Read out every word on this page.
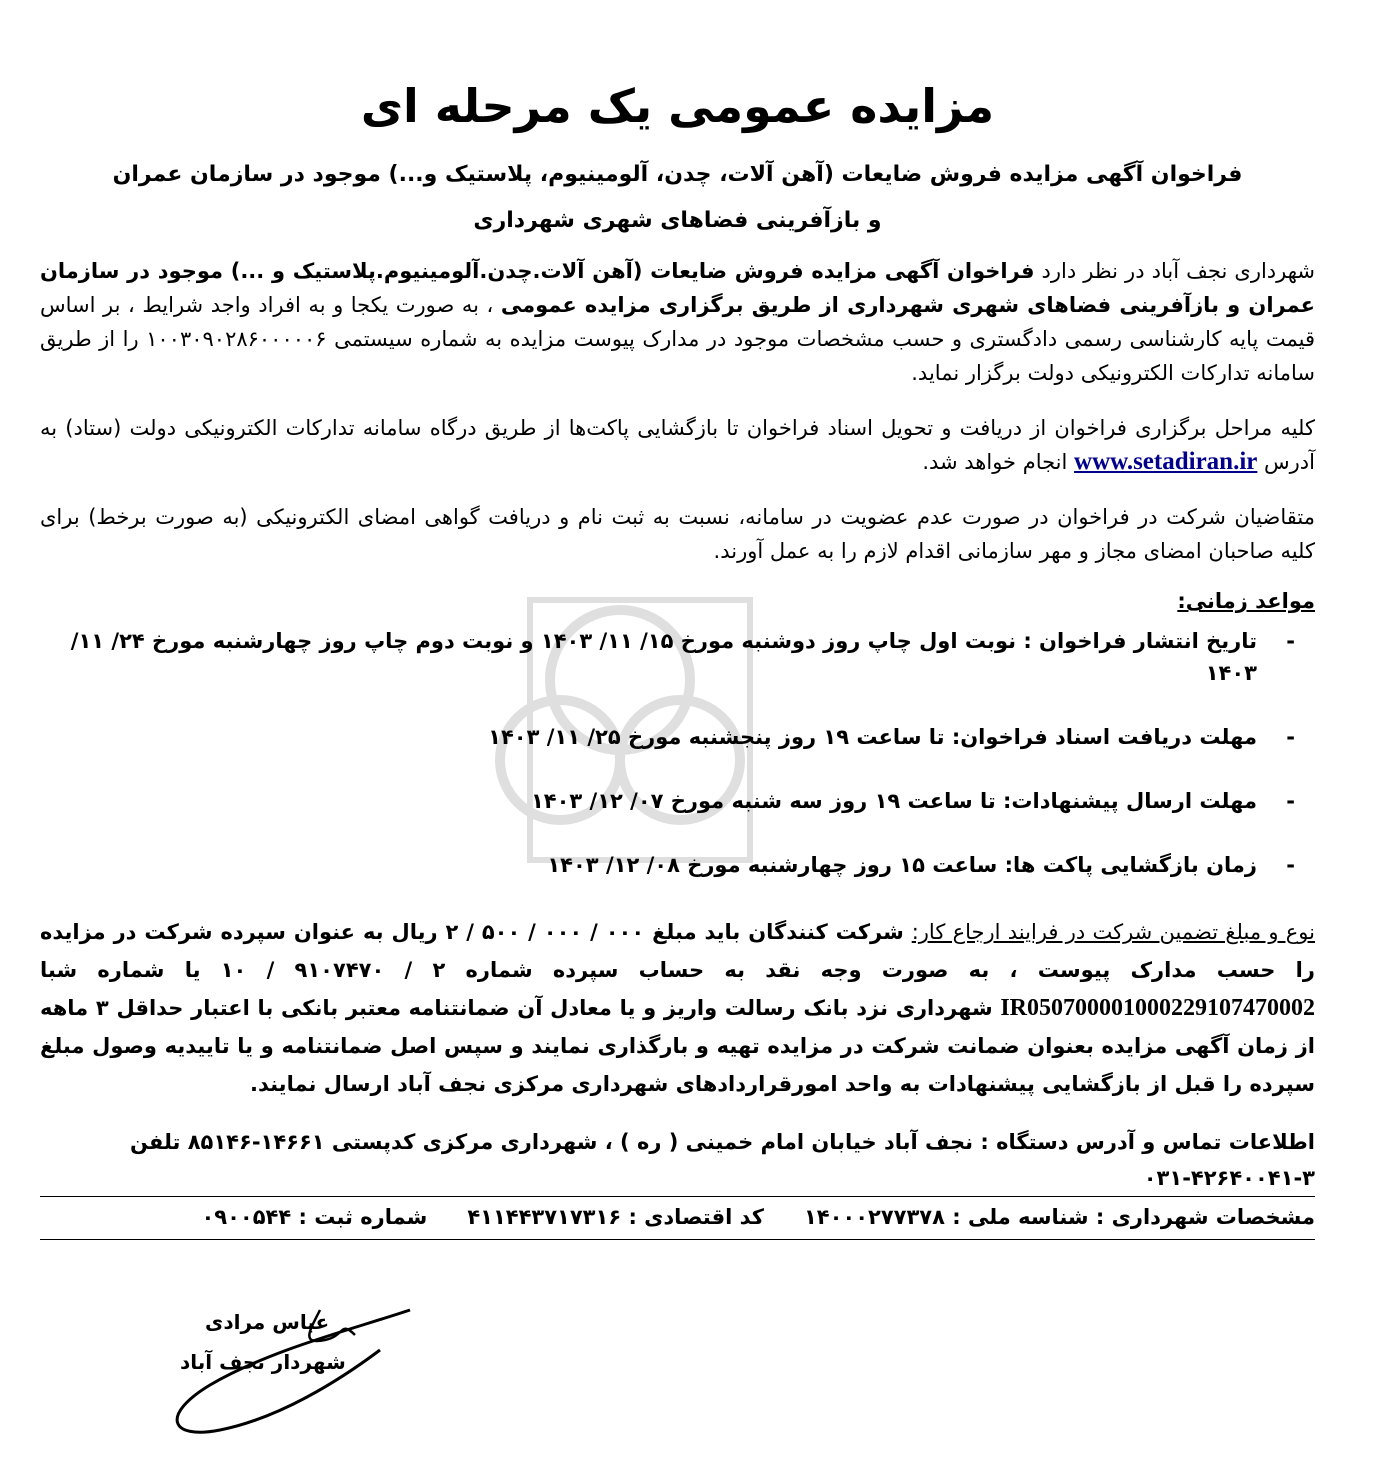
مزایده عمومی یک مرحله ای
فراخوان آگهی مزایده فروش ضایعات (آهن آلات، چدن، آلومینیوم، پلاستیک و...) موجود در سازمان عمران
و بازآفرینی فضاهای شهری شهرداری

شهرداری نجف آباد در نظر دارد فراخوان آگهی مزایده فروش ضایعات (آهن آلات.چدن.آلومینیوم.پلاستیک و ...) موجود در سازمان عمران و بازآفرینی فضاهای شهری شهرداری از طریق برگزاری مزایده عمومی ، به صورت یکجا و به افراد واجد شرایط ، بر اساس قیمت پایه کارشناسی رسمی دادگستری و حسب مشخصات موجود در مدارک پیوست مزایده به شماره سیستمی ۱۰۰۳۰۹۰۲۸۶۰۰۰۰۰۶ را از طریق سامانه تدارکات الکترونیکی دولت برگزار نماید.

کلیه مراحل برگزاری فراخوان از دریافت و تحویل اسناد فراخوان تا بازگشایی پاکت‌ها از طریق درگاه سامانه تدارکات الکترونیکی دولت (ستاد) به آدرس www.setadiran.ir انجام خواهد شد.

متقاضیان شرکت در فراخوان در صورت عدم عضویت در سامانه، نسبت به ثبت نام و دریافت گواهی امضای الکترونیکی (به صورت برخط) برای کلیه صاحبان امضای مجاز و مهر سازمانی اقدام لازم را به عمل آورند.

مواعد زمانی:
- تاریخ انتشار فراخوان : نوبت اول چاپ روز دوشنبه مورخ ۱۵/ ۱۱/ ۱۴۰۳ و نوبت دوم چاپ روز چهارشنبه مورخ ۲۴/ ۱۱/ ۱۴۰۳
- مهلت دریافت اسناد فراخوان: تا ساعت ۱۹ روز پنجشنبه مورخ ۲۵/ ۱۱/ ۱۴۰۳
- مهلت ارسال پیشنهادات: تا ساعت ۱۹ روز سه شنبه مورخ ۰۷/ ۱۲/ ۱۴۰۳
- زمان بازگشایی پاکت ها: ساعت ۱۵ روز چهارشنبه مورخ ۰۸/ ۱۲/ ۱۴۰۳

نوع و مبلغ تضمین شرکت در فرایند ارجاع کار: شرکت کنندگان باید مبلغ ۰۰۰ / ۰۰۰ / ۵۰۰ / ۲ ریال به عنوان سپرده شرکت در مزایده را حسب مدارک پیوست ، به صورت وجه نقد به حساب سپرده شماره ۲ / ۹۱۰۷۴۷۰ / ۱۰ یا شماره شبا IR050700001000229107470002 شهرداری نزد بانک رسالت واریز و یا معادل آن ضمانتنامه معتبر بانکی با اعتبار حداقل ۳ ماهه از زمان آگهی مزایده بعنوان ضمانت شرکت در مزایده تهیه و بارگذاری نمایند و سپس اصل ضمانتنامه و یا تاییدیه وصول مبلغ سپرده را قبل از بازگشایی پیشنهادات به واحد امورقراردادهای شهرداری مرکزی نجف آباد ارسال نمایند.

اطلاعات تماس و آدرس دستگاه : نجف آباد خیابان امام خمینی ( ره ) ، شهرداری مرکزی کدپستی ۱۴۶۶۱-۸۵۱۴۶ تلفن ۳-۴۲۶۴۰۰۴۱-۰۳۱
مشخصات شهرداری : شناسه ملی : ۱۴۰۰۰۲۷۷۳۷۸
کد اقتصادی : ۴۱۱۴۴۳۷۱۷۳۱۶
شماره ثبت : ۰۹۰۰۵۴۴
عباس مرادی
شهردار نجف آباد
